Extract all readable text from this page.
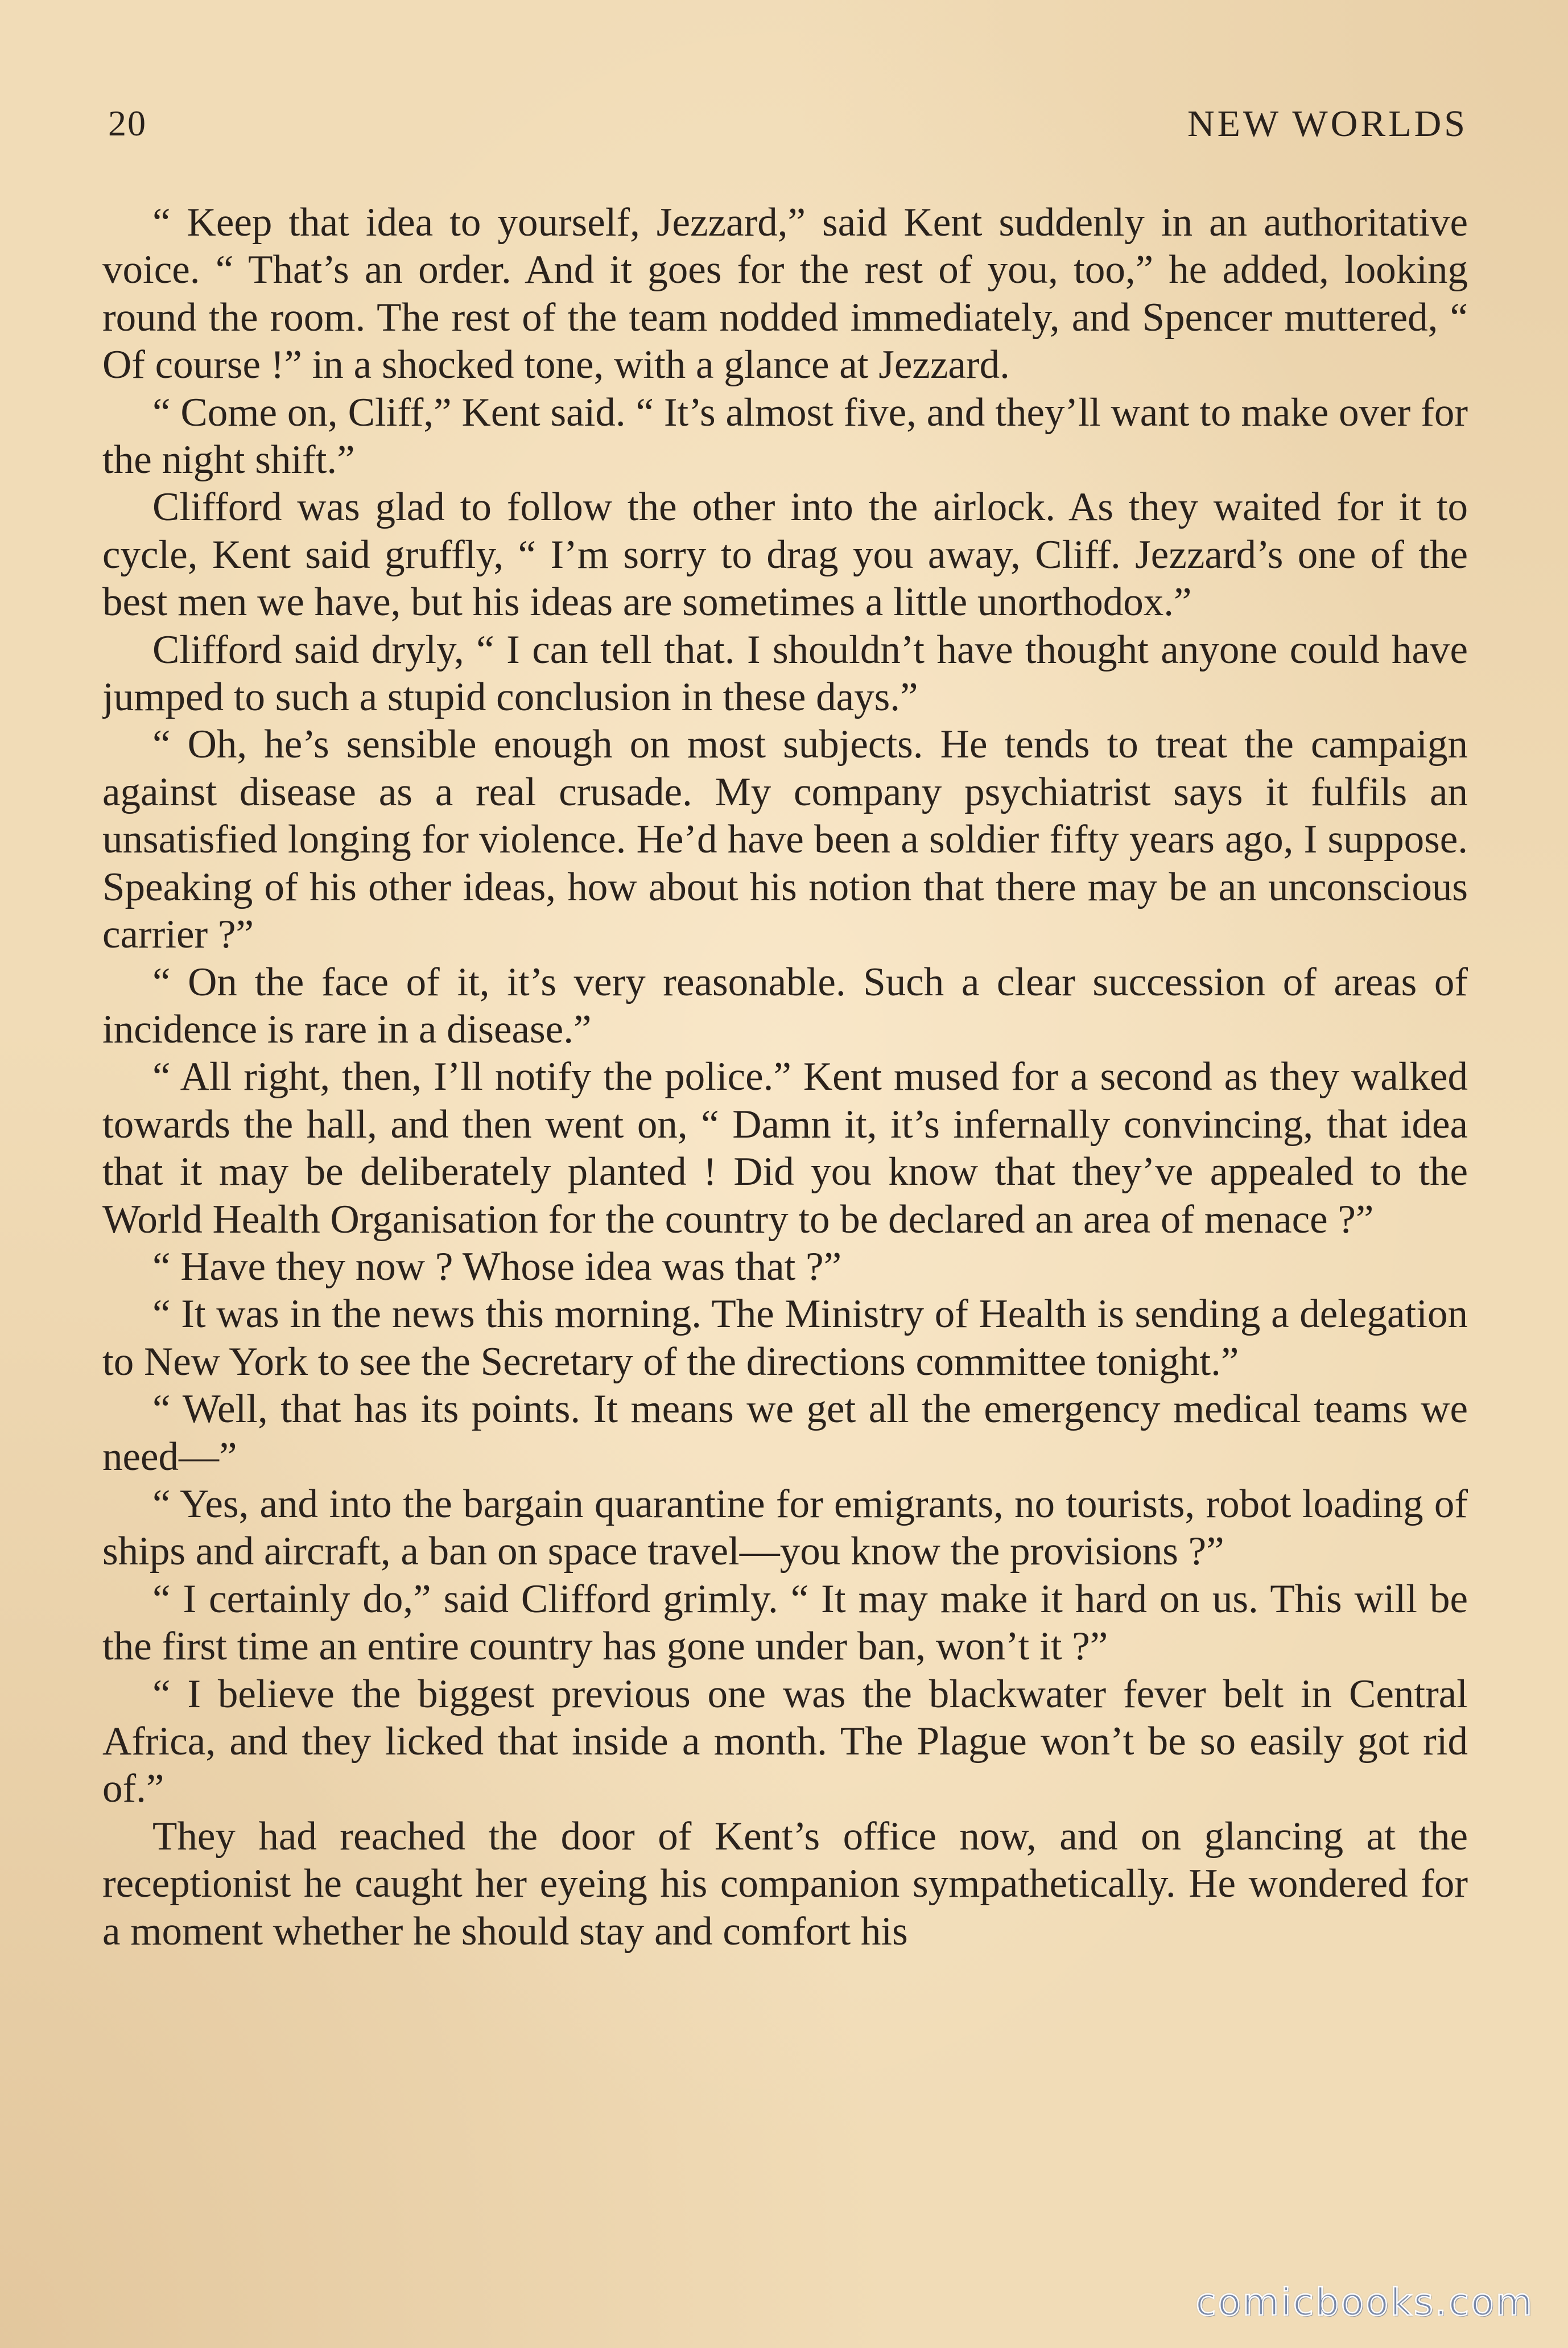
20	NEW WORLDS

“ Keep that idea to yourself, Jezzard,” said Kent suddenly in an authoritative voice. “ That’s an order. And it goes for the rest of you, too,” he added, looking round the room. The rest of the team nodded immediately, and Spencer muttered, “ Of course !” in a shocked tone, with a glance at Jezzard.

“ Come on, Cliff,” Kent said. “ It’s almost five, and they’ll want to make over for the night shift.”

Clifford was glad to follow the other into the airlock. As they waited for it to cycle, Kent said gruffly, “ I’m sorry to drag you away, Cliff. Jezzard’s one of the best men we have, but his ideas are sometimes a little unorthodox.”

Clifford said dryly, “ I can tell that. I shouldn’t have thought anyone could have jumped to such a stupid conclusion in these days.”

“ Oh, he’s sensible enough on most subjects. He tends to treat the campaign against disease as a real crusade. My company psychiatrist says it fulfils an unsatisfied longing for violence. He’d have been a soldier fifty years ago, I suppose. Speaking of his other ideas, how about his notion that there may be an unconscious carrier ?”

“ On the face of it, it’s very reasonable. Such a clear succession of areas of incidence is rare in a disease.”

“ All right, then, I’ll notify the police.” Kent mused for a second as they walked towards the hall, and then went on, “ Damn it, it’s infernally convincing, that idea that it may be deliberately planted ! Did you know that they’ve appealed to the World Health Organisation for the country to be declared an area of menace ?”

“ Have they now ? Whose idea was that ?”

“ It was in the news this morning. The Ministry of Health is sending a delegation to New York to see the Secretary of the directions committee tonight.”

“ Well, that has its points. It means we get all the emergency medical teams we need—”

“ Yes, and into the bargain quarantine for emigrants, no tourists, robot loading of ships and aircraft, a ban on space travel—you know the provisions ?”

“ I certainly do,” said Clifford grimly. “ It may make it hard on us. This will be the first time an entire country has gone under ban, won’t it ?”

“ I believe the biggest previous one was the blackwater fever belt in Central Africa, and they licked that inside a month. The Plague won’t be so easily got rid of.”

They had reached the door of Kent’s office now, and on glancing at the receptionist he caught her eyeing his companion sympathetically. He wondered for a moment whether he should stay and comfort his

comicbooks.com
